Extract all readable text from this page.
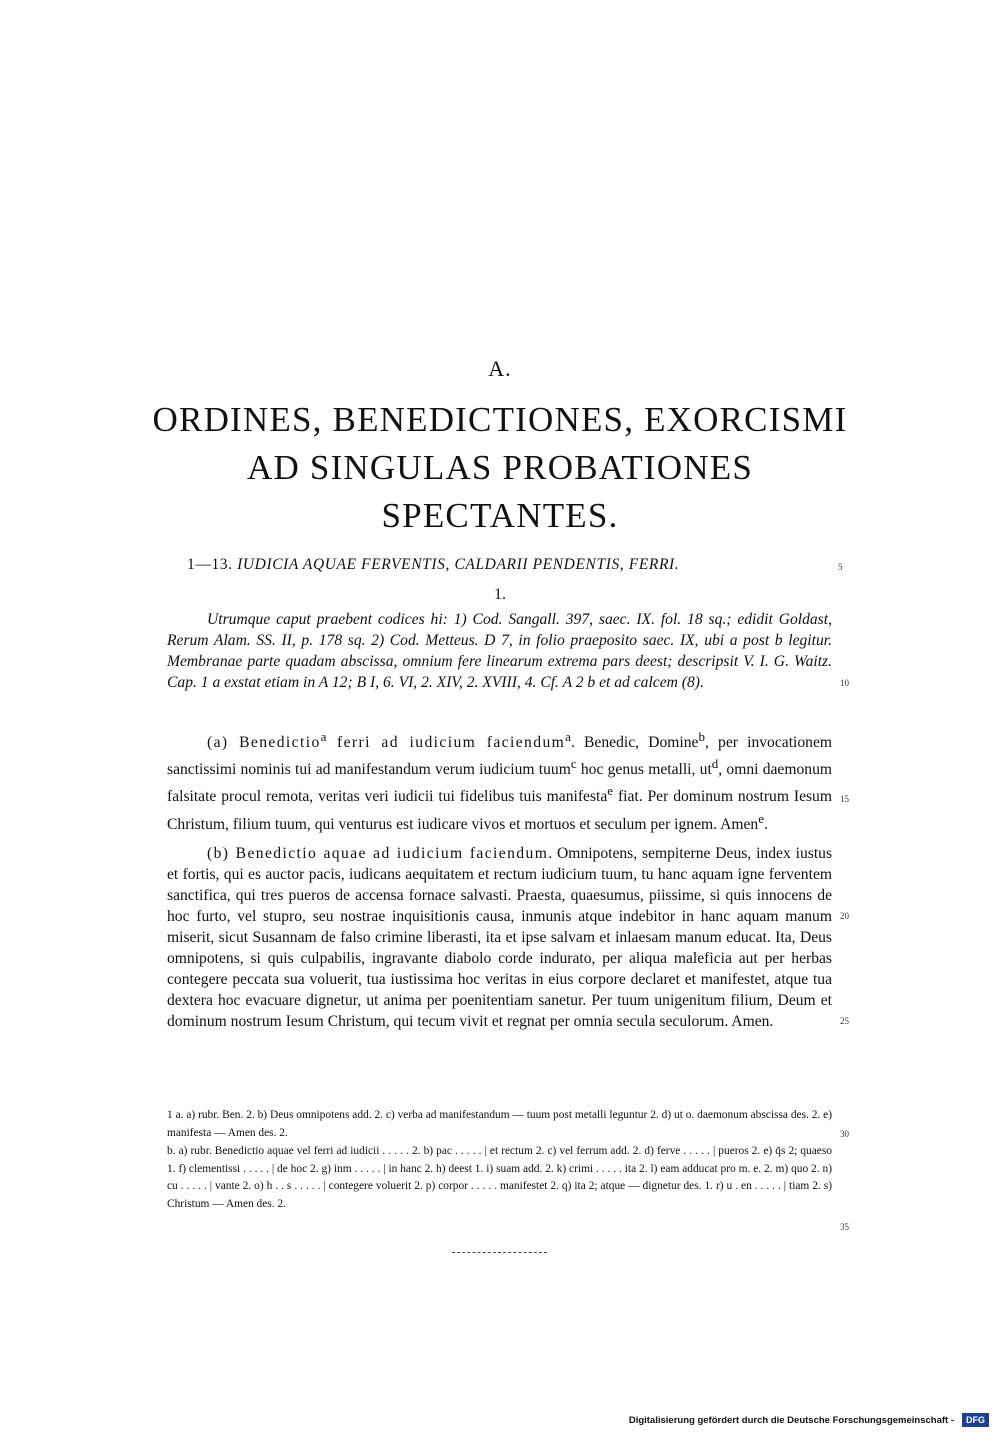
A.
ORDINES, BENEDICTIONES, EXORCISMI
AD SINGULAS PROBATIONES
SPECTANTES.
1—13. IUDICIA AQUAE FERVENTIS, CALDARII PENDENTIS, FERRI.	5
1.
Utrumque caput praebent codices hi: 1) Cod. Sangall. 397, saec. IX. fol. 18 sq.; edidit Goldast, Rerum Alam. SS. II, p. 178 sq. 2) Cod. Metteus. D 7, in folio praeposito saec. IX, ubi a post b legitur. Membranae parte quadam abscissa, omnium fere linearum extrema pars deest; descripsit V. I. G. Waitz. Cap. 1 a exstat etiam in A 12; B I, 6. VI, 2. XIV, 2. XVIII, 4. Cf. A 2 b et ad calcem (8).	10
(a) Benedictio$^a$ ferri ad iudicium faciendum$^a$. Benedic, Domine$^b$, per invocationem sanctissimi nominis tui ad manifestandum verum iudicium tuum$^c$ hoc genus metalli, $ut^d$, omni daemonum falsitate procul remota, veritas veri iudicii tui fidelibus tuis manifesta$^e$ fiat. Per dominum nostrum Iesum Christum, filium tuum, qui venturus est iudicare vivos et mortuos et seculum per ignem. Amen$^e$.
15
(b) Benedictio aquae ad iudicium faciendum. Omnipotens, sempiterne Deus, index iustus et fortis, qui es auctor pacis, iudicans aequitatem et rectum iudicium tuum, tu hanc aquam igne ferventem sanctifica, qui tres pueros de accensa fornace salvasti. Praesta, quaesumus, piissime, si quis innocens de hoc furto, vel stupro, seu nostrae inquisitionis causa, inmunis atque indebitor in hanc aquam manum miserit, sicut Susannam de falso crimine liberasti, ita et ipse salvam et inlaesam manum educat. Ita, Deus omnipotens, si quis culpabilis, ingravante diabolo corde indurato, per aliqua maleficia aut per herbas contegere peccata sua voluerit, tua iustissima hoc veritas in eius corpore declaret et manifestet, atque tua dextera hoc evacuare dignetur, ut anima per poenitentiam sanetur. Per tuum unigenitum filium, Deum et dominum nostrum Iesum Christum, qui tecum vivit et regnat per omnia secula seculorum. Amen.
20
25
1 a. a) rubr. Ben. 2. b) Deus omnipotens add. 2. c) verba ad manifestandum — tuum post metalli leguntur 2. d) ut o. daemonum abscissa des. 2. e) manifesta — Amen des. 2.	30
b. a) rubr. Benedictio aquae vel ferri ad iudicii . . . . . 2. b) pac . . . . . | et rectum 2. c) vel ferrum add. 2. d) ferve . . . . . | pueros 2. e) q̄s 2; quaeso 1. f) clementissi . . . . . | de hoc 2. g) inm . . . . . | in hanc 2. h) deest 1. i) suam add. 2. k) crimi . . . . . ita 2. l) eam adducat pro m. e. 2. m) quo 2. n) cu . . . . . | vante 2. o) h . . s . . . . . | contegere voluerit 2. p) corpor . . . . . manifestet 2. q) ita 2; atque — dignetur des. 1. r) u . en . . . . . | tiam 2. s) Christum — Amen des. 2.
35
Digitalisierung gefördert durch die Deutsche Forschungsgemeinschaft -	DFG
